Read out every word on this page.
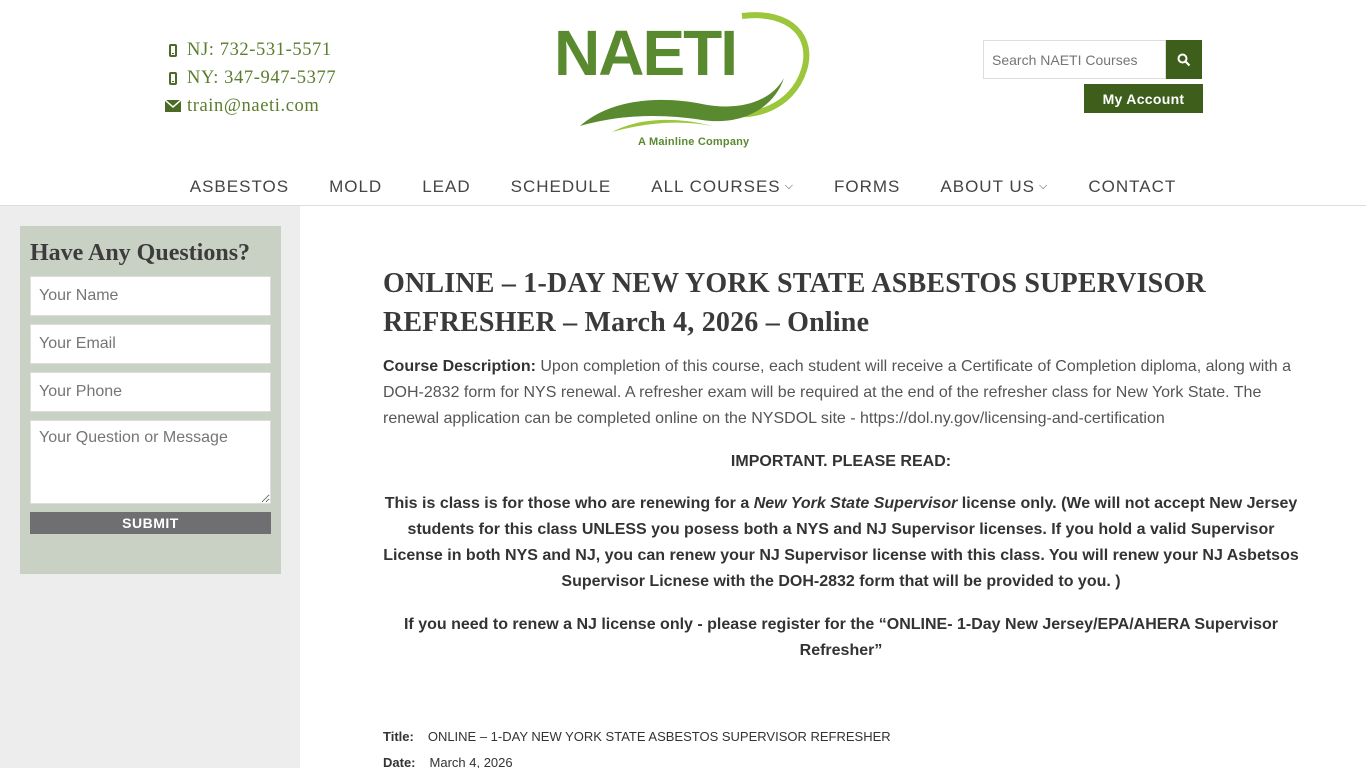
NJ: 732-531-5571
NY: 347-947-5377
train@naeti.com
NAETI
A Mainline Company
Search NAETI Courses
My Account
ASBESTOS MOLD LEAD SCHEDULE ALL COURSES ⌵ FORMS ABOUT US ⌵ CONTACT
Have Any Questions?
Your Name
Your Email
Your Phone
Your Question or Message
SUBMIT
ONLINE – 1-DAY NEW YORK STATE ASBESTOS SUPERVISOR REFRESHER – March 4, 2026 – Online

Course Description: Upon completion of this course, each student will receive a Certificate of Completion diploma, along with a DOH-2832 form for NYS renewal. A refresher exam will be required at the end of the refresher class for New York State. The renewal application can be completed online on the NYSDOL site - https://dol.ny.gov/licensing-and-certification

IMPORTANT. PLEASE READ:

This is class is for those who are renewing for a New York State Supervisor license only. (We will not accept New Jersey students for this class UNLESS you posess both a NYS and NJ Supervisor licenses. If you hold a valid Supervisor License in both NYS and NJ, you can renew your NJ Supervisor license with this class. You will renew your NJ Asbetsos Supervisor Licnese with the DOH-2832 form that will be provided to you. )

If you need to renew a NJ license only - please register for the “ONLINE- 1-Day New Jersey/EPA/AHERA Supervisor Refresher”

Title: ONLINE – 1-DAY NEW YORK STATE ASBESTOS SUPERVISOR REFRESHER
Date: March 4, 2026
